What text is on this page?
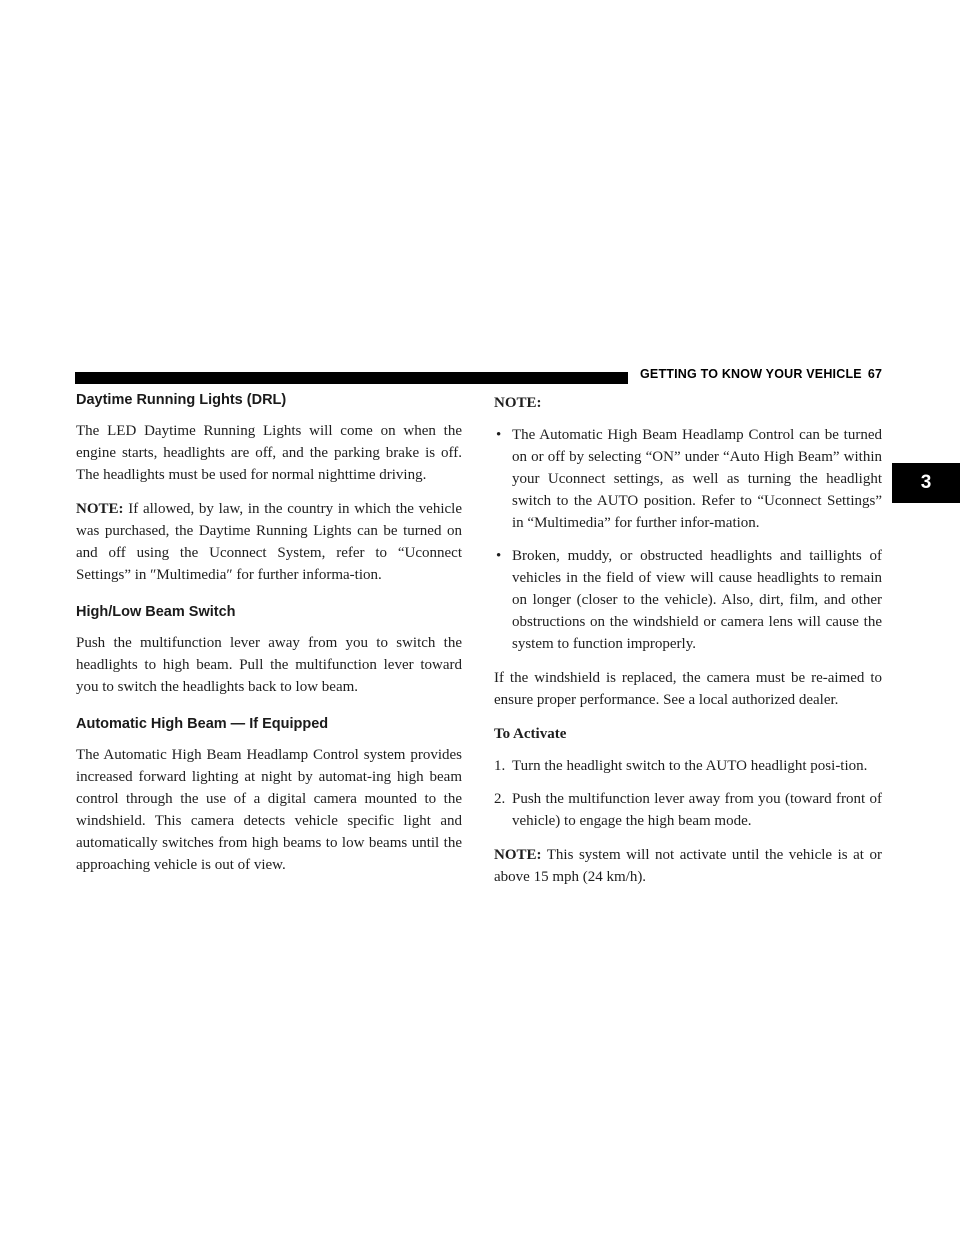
GETTING TO KNOW YOUR VEHICLE 67
3
Daytime Running Lights (DRL)

The LED Daytime Running Lights will come on when the engine starts, headlights are off, and the parking brake is off. The headlights must be used for normal nighttime driving.

NOTE: If allowed, by law, in the country in which the vehicle was purchased, the Daytime Running Lights can be turned on and off using the Uconnect System, refer to “Uconnect Settings” in ″Multimedia″ for further informa-tion.

High/Low Beam Switch

Push the multifunction lever away from you to switch the headlights to high beam. Pull the multifunction lever toward you to switch the headlights back to low beam.

Automatic High Beam — If Equipped

The Automatic High Beam Headlamp Control system provides increased forward lighting at night by automat-ing high beam control through the use of a digital camera mounted to the windshield. This camera detects vehicle specific light and automatically switches from high beams to low beams until the approaching vehicle is out of view.

NOTE:
• The Automatic High Beam Headlamp Control can be turned on or off by selecting “ON” under “Auto High Beam” within your Uconnect settings, as well as turning the headlight switch to the AUTO position. Refer to “Uconnect Settings” in “Multimedia” for further infor-mation.
• Broken, muddy, or obstructed headlights and taillights of vehicles in the field of view will cause headlights to remain on longer (closer to the vehicle). Also, dirt, film, and other obstructions on the windshield or camera lens will cause the system to function improperly.

If the windshield is replaced, the camera must be re-aimed to ensure proper performance. See a local authorized dealer.

To Activate
1. Turn the headlight switch to the AUTO headlight posi-tion.
2. Push the multifunction lever away from you (toward front of vehicle) to engage the high beam mode.

NOTE: This system will not activate until the vehicle is at or above 15 mph (24 km/h).
